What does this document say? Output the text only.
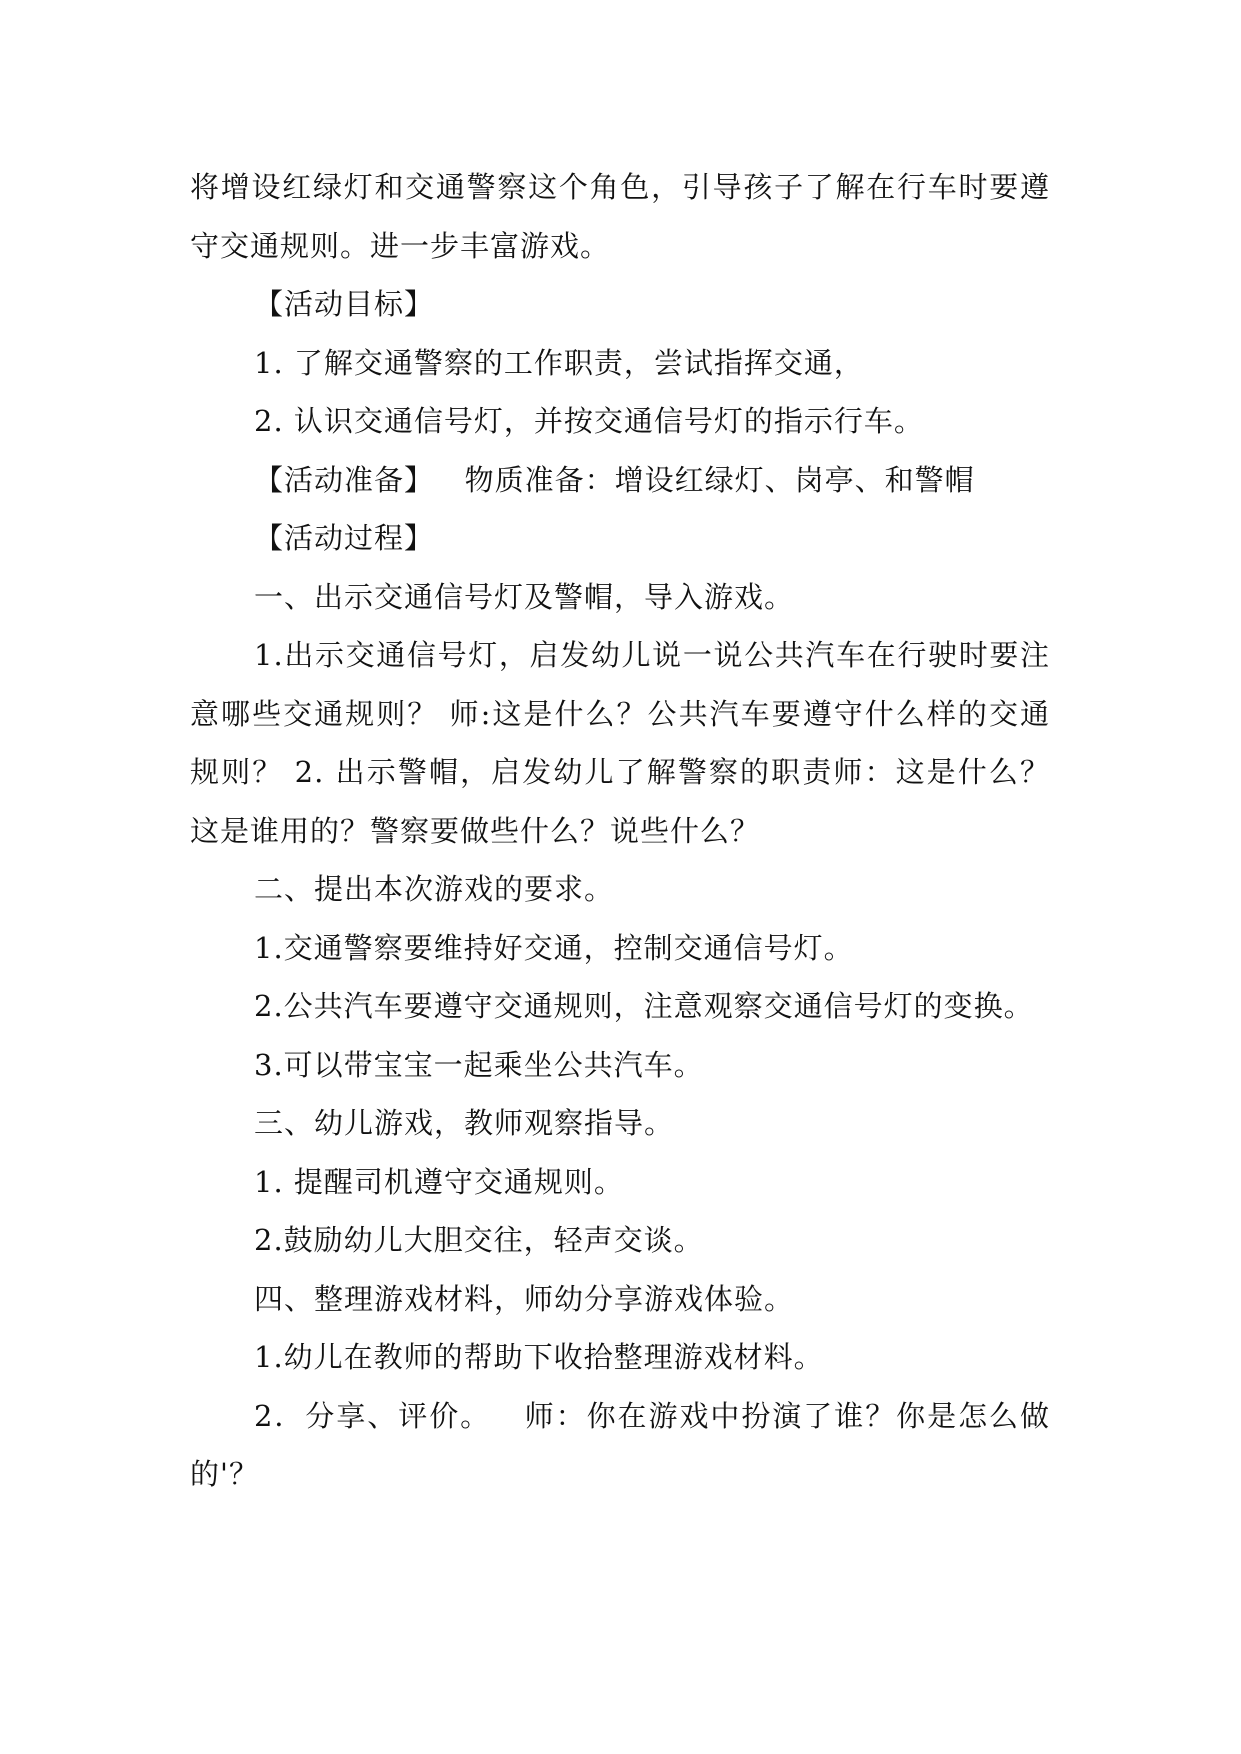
将增设红绿灯和交通警察这个角色，引导孩子了解在行车时要遵守交通规则。进一步丰富游戏。

【活动目标】

1. 了解交通警察的工作职责，尝试指挥交通，

2. 认识交通信号灯，并按交通信号灯的指示行车。

【活动准备】   物质准备：增设红绿灯、岗亭、和警帽

【活动过程】

一、出示交通信号灯及警帽，导入游戏。

1.出示交通信号灯，启发幼儿说一说公共汽车在行驶时要注意哪些交通规则？ 师:这是什么？公共汽车要遵守什么样的交通规则？ 2. 出示警帽，启发幼儿了解警察的职责师：这是什么？这是谁用的？警察要做些什么？说些什么？

二、提出本次游戏的要求。

1.交通警察要维持好交通，控制交通信号灯。

2.公共汽车要遵守交通规则，注意观察交通信号灯的变换。

3.可以带宝宝一起乘坐公共汽车。

三、幼儿游戏，教师观察指导。

1. 提醒司机遵守交通规则。

2.鼓励幼儿大胆交往，轻声交谈。

四、整理游戏材料，师幼分享游戏体验。

1.幼儿在教师的帮助下收拾整理游戏材料。

2．分享、评价。   师：你在游戏中扮演了谁？你是怎么做的'？
